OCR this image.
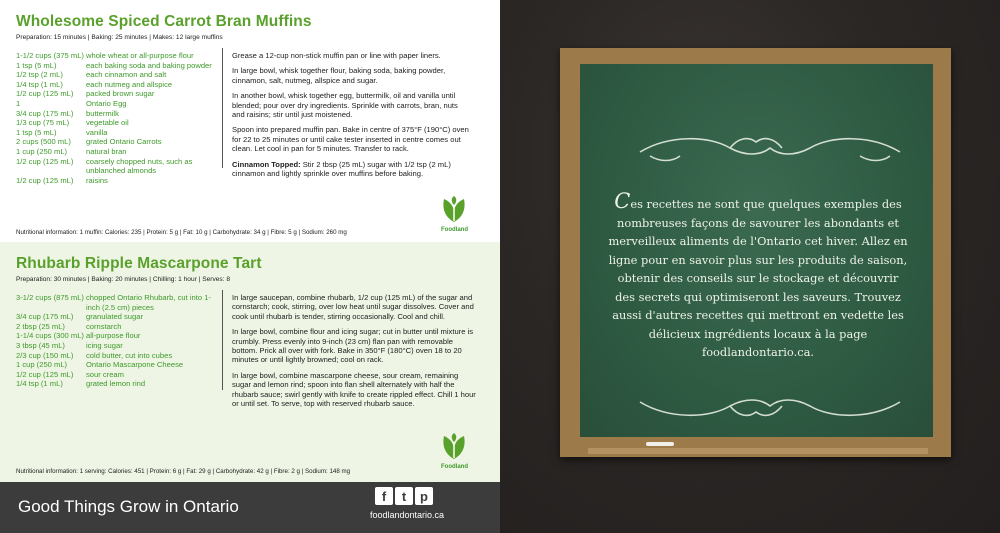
Wholesome Spiced Carrot Bran Muffins
Preparation: 15 minutes | Baking: 25 minutes | Makes: 12 large muffins
1-1/2 cups (375 mL) whole wheat or all-purpose flour
1 tsp (5 mL)	each baking soda and baking powder
1/2 tsp (2 mL)	each cinnamon and salt
1/4 tsp (1 mL)	each nutmeg and allspice
1/2 cup (125 mL)	packed brown sugar
1	Ontario Egg
3/4 cup (175 mL)	buttermilk
1/3 cup (75 mL)	vegetable oil
1 tsp (5 mL)	vanilla
2 cups (500 mL)	grated Ontario Carrots
1 cup (250 mL)	natural bran
1/2 cup (125 mL)	coarsely chopped nuts, such as unblanched almonds
1/2 cup (125 mL)	raisins

Grease a 12-cup non-stick muffin pan or line with paper liners.

In large bowl, whisk together flour, baking soda, baking powder, cinnamon, salt, nutmeg, allspice and sugar.

In another bowl, whisk together egg, buttermilk, oil and vanilla until blended; pour over dry ingredients. Sprinkle with carrots, bran, nuts and raisins; stir until just moistened.

Spoon into prepared muffin pan. Bake in centre of 375°F (190°C) oven for 22 to 25 minutes or until cake tester inserted in centre comes out clean. Let cool in pan for 5 minutes. Transfer to rack.

Cinnamon Topped: Stir 2 tbsp (25 mL) sugar with 1/2 tsp (2 mL) cinnamon and lightly sprinkle over muffins before baking.

Foodland
Nutritional information: 1 muffin: Calories: 235 | Protein: 5 g | Fat: 10 g | Carbohydrate: 34 g | Fibre: 5 g | Sodium: 260 mg
Rhubarb Ripple Mascarpone Tart
Preparation: 30 minutes | Baking: 20 minutes | Chilling: 1 hour | Serves: 8
3-1/2 cups (875 mL) chopped Ontario Rhubarb, cut into 1-inch (2.5 cm) pieces
3/4 cup (175 mL)	granulated sugar
2 tbsp (25 mL)	cornstarch
1-1/4 cups (300 mL) all-purpose flour
3 tbsp (45 mL)	icing sugar
2/3 cup (150 mL)	cold butter, cut into cubes
1 cup (250 mL)	Ontario Mascarpone Cheese
1/2 cup (125 mL)	sour cream
1/4 tsp (1 mL)	grated lemon rind

In large saucepan, combine rhubarb, 1/2 cup (125 mL) of the sugar and cornstarch; cook, stirring, over low heat until sugar dissolves. Cover and cook until rhubarb is tender, stirring occasionally. Cool and chill.

In large bowl, combine flour and icing sugar; cut in butter until mixture is crumbly. Press evenly into 9-inch (23 cm) flan pan with removable bottom. Prick all over with fork. Bake in 350°F (180°C) oven 18 to 20 minutes or until lightly browned; cool on rack.

In large bowl, combine mascarpone cheese, sour cream, remaining sugar and lemon rind; spoon into flan shell alternately with half the rhubarb sauce; swirl gently with knife to create rippled effect. Chill 1 hour or until set. To serve, top with reserved rhubarb sauce.

Foodland
Nutritional information: 1 serving: Calories: 451 | Protein: 6 g | Fat: 29 g | Carbohydrate: 42 g | Fibre: 2 g | Sodium: 148 mg
Good Things Grow in Ontario
f	t	p
foodlandontario.ca
Ces recettes ne sont que quelques exemples des nombreuses façons de savourer les abondants et merveilleux aliments de l'Ontario cet hiver. Allez en ligne pour en savoir plus sur les produits de saison, obtenir des conseils sur le stockage et découvrir des secrets qui optimiseront les saveurs. Trouvez aussi d'autres recettes qui mettront en vedette les délicieux ingrédients locaux à la page foodlandontario.ca.
